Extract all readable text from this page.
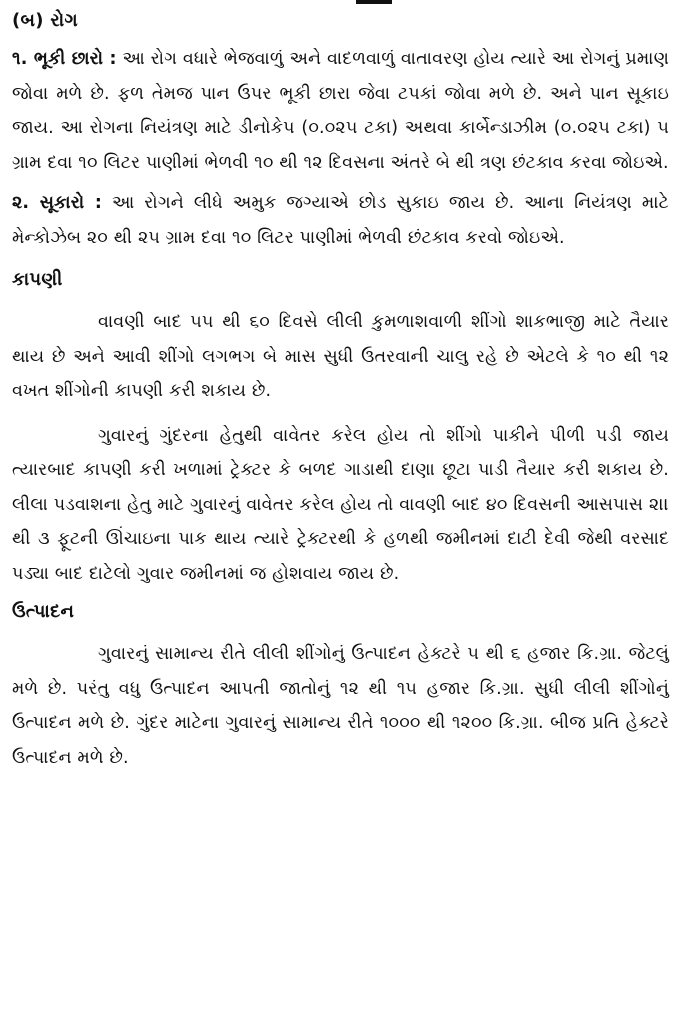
(બ) રોગ

૧. ભૂકી છારો : આ રોગ વધારે ભેજવાળું અને વાદળવાળું વાતાવરણ હોય ત્યારે આ રોગનું પ્રમાણ જોવા મળે છે. ફળ તેમજ પાન ઉપર ભૂકી છારા જેવા ટપકાં જોવા મળે છે. અને પાન સૂકાઇ જાય. આ રોગના નિયંત્રણ માટે ડીનોકેપ (૦.૦૨૫ ટકા) અથવા કાર્બેન્ડાઝીમ (૦.૦૨૫ ટકા) ૫ ગ્રામ દવા ૧૦ લિટર પાણીમાં ભેળવી ૧૦ થી ૧૨ દિવસના અંતરે બે થી ત્રણ છંટકાવ કરવા જોઇએ.

૨. સૂકારો : આ રોગને લીધે અમુક જગ્યાએ છોડ સુકાઇ જાય છે. આના નિયંત્રણ માટે મેન્કોઝેબ ૨૦ થી ૨૫ ગ્રામ દવા ૧૦ લિટર પાણીમાં ભેળવી છંટકાવ કરવો જોઇએ.

કાપણી

વાવણી બાદ ૫૫ થી ૬૦ દિવસે લીલી કુમળાશવાળી શીંગો શાકભાજી માટે તૈયાર થાય છે અને આવી શીંગો લગભગ બે માસ સુધી ઉતરવાની ચાલુ રહે છે એટલે કે ૧૦ થી ૧૨ વખત શીંગોની કાપણી કરી શકાય છે.

ગુવારનું ગુંદરના હેતુથી વાવેતર કરેલ હોય તો શીંગો પાકીને પીળી પડી જાય ત્યારબાદ કાપણી કરી ખળામાં ટ્રેક્ટર કે બળદ ગાડાથી દાણા છૂટા પાડી તૈયાર કરી શકાય છે. લીલા પડવાશના હેતુ માટે ગુવારનું વાવેતર કરેલ હોય તો વાવણી બાદ ૪૦ દિવસની આસપાસ ૨।। થી ૩ ફૂટની ઊંચાઇના પાક થાય ત્યારે ટ્રેક્ટરથી કે હળથી જમીનમાં દાટી દેવી જેથી વરસાદ પડ્યા બાદ દાટેલો ગુવાર જમીનમાં જ હોશવાય જાય છે.

ઉત્પાદન

ગુવારનું સામાન્ય રીતે લીલી શીંગોનું ઉત્પાદન હેક્ટરે ૫ થી ૬ હજાર કિ.ગ્રા. જેટલું મળે છે. પરંતુ વધુ ઉત્પાદન આપતી જાતોનું ૧૨ થી ૧૫ હજાર કિ.ગ્રા. સુધી લીલી શીંગોનું ઉત્પાદન મળે છે. ગુંદર માટેના ગુવારનું સામાન્ય રીતે ૧૦૦૦ થી ૧૨૦૦ કિ.ગ્રા. બીજ પ્રતિ હેક્ટરે ઉત્પાદન મળે છે.
